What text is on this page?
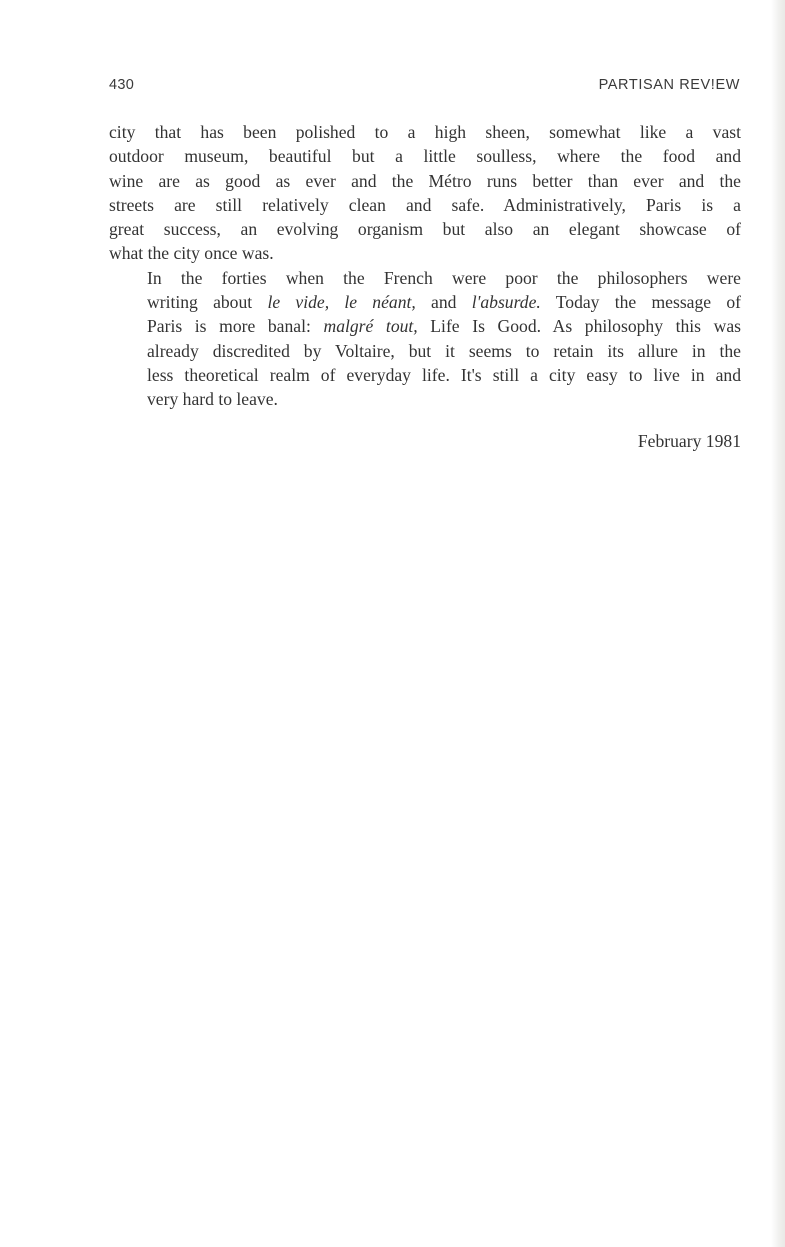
430	PARTISAN REV!EW

city that has been polished to a high sheen, somewhat like a vast
outdoor museum, beautiful but a little soulless, where the food and
wine are as good as ever and the Métro runs better than ever and the
streets are still relatively clean and safe. Administratively, Paris is a
great success, an evolving organism but also an elegant showcase of
what the city once was.

In the forties when the French were poor the philosophers were
writing about le vide, le néant, and l'absurde. Today the message of
Paris is more banal: malgré tout, Life Is Good. As philosophy this was
already discredited by Voltaire, but it seems to retain its allure in the
less theoretical realm of everyday life. It's still a city easy to live in and
very hard to leave.

February 1981
